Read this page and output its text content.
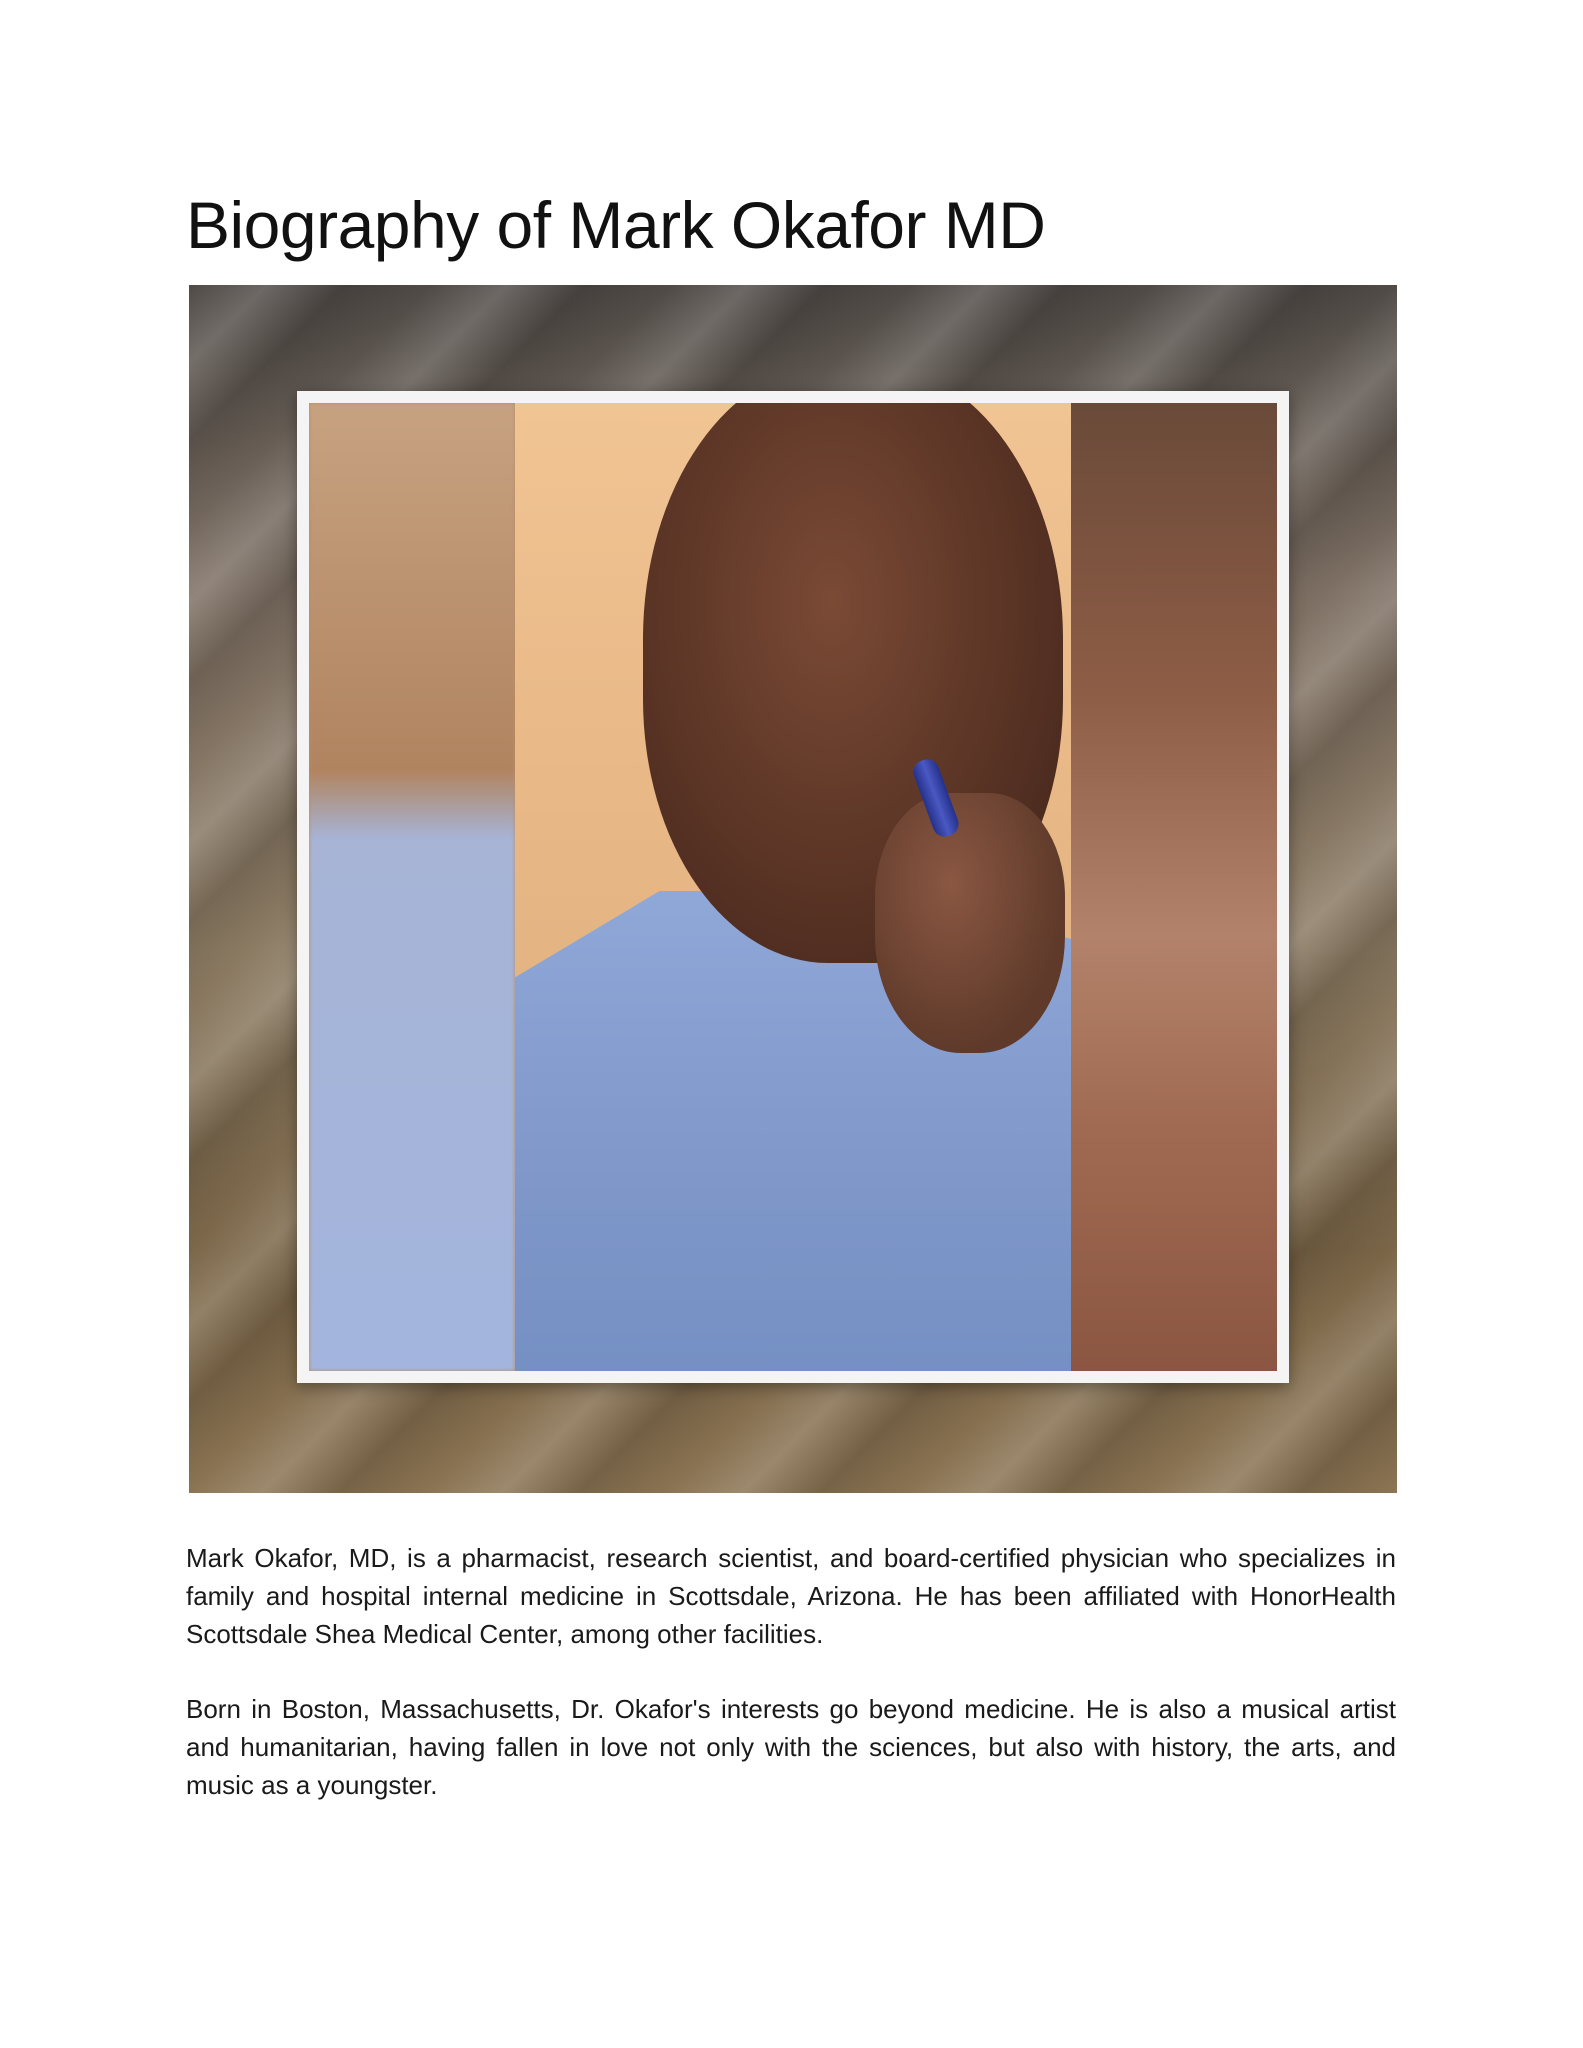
Biography of Mark Okafor MD

Mark Okafor, MD, is a pharmacist, research scientist, and board-certified physician who specializes in family and hospital internal medicine in Scottsdale, Arizona. He has been affiliated with HonorHealth Scottsdale Shea Medical Center, among other facilities.

Born in Boston, Massachusetts, Dr. Okafor's interests go beyond medicine. He is also a musical artist and humanitarian, having fallen in love not only with the sciences, but also with history, the arts, and music as a youngster.
